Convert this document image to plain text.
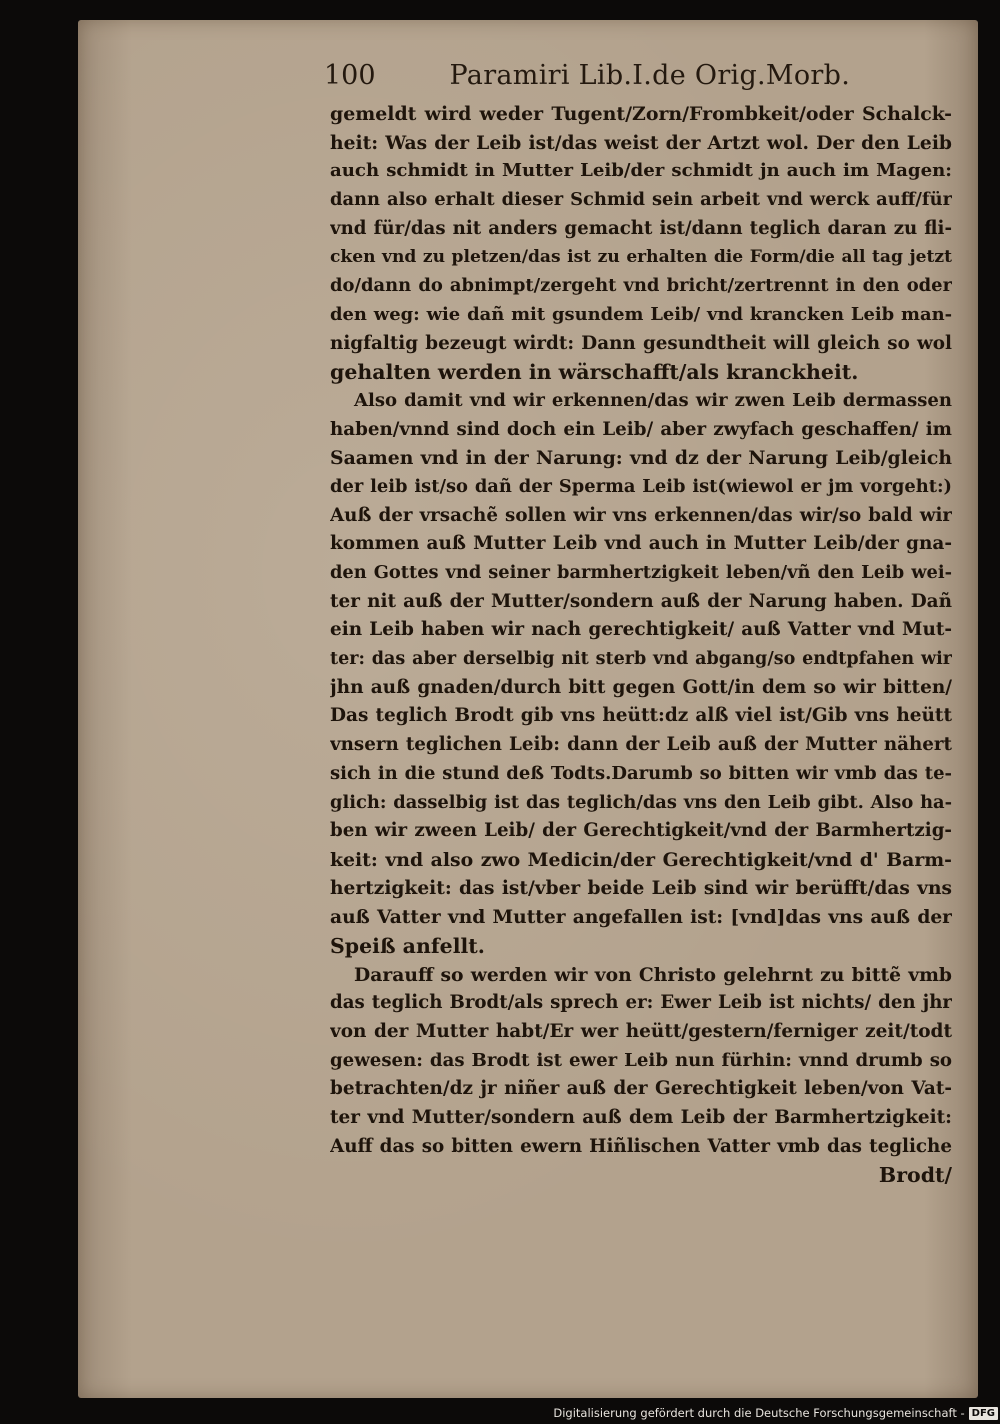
100	Paramiri Lib.I.de Orig.Morb.
gemeldt wird weder Tugent/Zorn/Frombkeit/oder Schalck-
heit: Was der Leib ist/das weist der Artzt wol. Der den Leib
auch schmidt in Mutter Leib/der schmidt jn auch im Magen:
dann also erhalt dieser Schmid sein arbeit vnd werck auff/für
vnd für/das nit anders gemacht ist/dann teglich daran zu fli-
cken vnd zu pletzen/das ist zu erhalten die Form/die all tag jetzt
do/dann do abnimpt/zergeht vnd bricht/zertrennt in den oder
den weg: wie dañ mit gsundem Leib/ vnd krancken Leib man-
nigfaltig bezeugt wirdt: Dann gesundtheit will gleich so wol
gehalten werden in wärschafft/als kranckheit.
Also damit vnd wir erkennen/das wir zwen Leib dermassen
haben/vnnd sind doch ein Leib/ aber zwyfach geschaffen/ im
Saamen vnd in der Narung: vnd dz der Narung Leib/gleich
der leib ist/so dañ der Sperma Leib ist(wiewol er jm vorgeht:)
Auß der vrsachẽ sollen wir vns erkennen/das wir/so bald wir
kommen auß Mutter Leib vnd auch in Mutter Leib/der gna-
den Gottes vnd seiner barmhertzigkeit leben/vñ den Leib wei-
ter nit auß der Mutter/sondern auß der Narung haben. Dañ
ein Leib haben wir nach gerechtigkeit/ auß Vatter vnd Mut-
ter: das aber derselbig nit sterb vnd abgang/so endtpfahen wir
jhn auß gnaden/durch bitt gegen Gott/in dem so wir bitten/
Das teglich Brodt gib vns heütt:dz alß viel ist/Gib vns heütt
vnsern teglichen Leib: dann der Leib auß der Mutter nähert
sich in die stund deß Todts.Darumb so bitten wir vmb das te-
glich: dasselbig ist das teglich/das vns den Leib gibt. Also ha-
ben wir zween Leib/ der Gerechtigkeit/vnd der Barmhertzig-
keit: vnd also zwo Medicin/der Gerechtigkeit/vnd d' Barm-
hertzigkeit: das ist/vber beide Leib sind wir berüfft/das vns
auß Vatter vnd Mutter angefallen ist: [vnd]das vns auß der
Speiß anfellt.
Darauff so werden wir von Christo gelehrnt zu bittẽ vmb
das teglich Brodt/als sprech er: Ewer Leib ist nichts/ den jhr
von der Mutter habt/Er wer heütt/gestern/ferniger zeit/todt
gewesen: das Brodt ist ewer Leib nun fürhin: vnnd drumb so
betrachten/dz jr niñer auß der Gerechtigkeit leben/von Vat-
ter vnd Mutter/sondern auß dem Leib der Barmhertzigkeit:
Auff das so bitten ewern Hiñlischen Vatter vmb das tegliche
Brodt/
Digitalisierung gefördert durch die Deutsche Forschungsgemeinschaft - DFG
